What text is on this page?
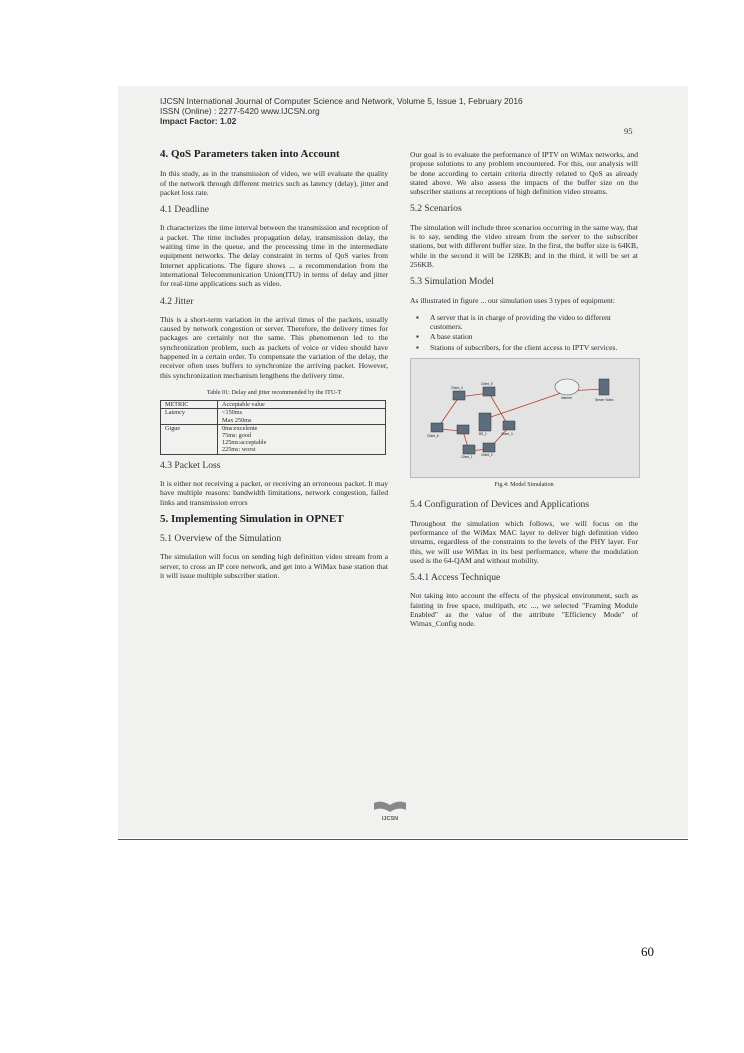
IJCSN International Journal of Computer Science and Network, Volume 5, Issue 1, February 2016
ISSN (Online) : 2277-5420 www.IJCSN.org
Impact Factor: 1.02
95
4. QoS Parameters taken into Account

In this study, as in the transmission of video, we will evaluate the quality of the network through different metrics such as latency (delay), jitter and packet loss rate.

4.1 Deadline

It characterizes the time interval between the transmission and reception of a packet. The time includes propagation delay, transmission delay, the waiting time in the queue, and the processing time in the intermediate equipment networks. The delay constraint in terms of QoS varies from Internet applications. The figure shows ... a recommendation from the international Telecommunication Union(ITU) in terms of delay and jitter for real-time applications such as video.

4.2 Jitter

This is a short-term variation in the arrival times of the packets, usually caused by network congestion or server. Therefore, the delivery times for packages are certainly not the same. This phenomenon led to the synchronization problem, such as packets of voice or video should have happened in a certain order. To compensate the variation of the delay, the receiver often uses buffers to synchronize the arriving packet. However, this synchronization mechanism lengthens the delivery time.

Table 01: Delay and jitter recommended by the ITU-T
METRIC	Acceptable value
Latency	<150ms
Max 250ms

Gigue	0ms:excelente
75ms: good
125ms:acceptable
225ms: worst
4.3 Packet Loss

It is either not receiving a packet, or receiving an erroneous packet. It may have multiple reasons: bandwidth limitations, network congestion, failed links and transmission errors

5. Implementing Simulation in OPNET
5.1 Overview of the Simulation

The simulation will focus on sending high definition video stream from a server, to cross an IP core network, and get into a WiMax base station that it will issue multiple subscriber station.

Our goal is to evaluate the performance of IPTV on WiMax networks, and propose solutions to any problem encountered. For this, our analysis will be done according to certain criteria directly related to QoS as already stated above. We also assess the impacts of the buffer size on the subscriber stations at receptions of high definition video streams.

5.2 Scenarios

The simulation will include three scenarios occurring in the same way, that is to say, sending the video stream from the server to the subscriber stations, but with different buffer size. In the first, the buffer size is 64KB, while in the second it will be 128KB; and in the third, it will be set at 256KB.

5.3 Simulation Model

As illustrated in figure ... our simulation uses 3 types of equipment:

▪ A server that is in charge of providing the video to different customers.
▪ A base station
▪ Stations of subscribers, for the client access to IPTV services.
Client_4
Client_5
Internet	Server Video
Client_6	BS_1	Client_3
Client_1	Client_2
Fig.4: Model Simulation
5.4 Configuration of Devices and Applications

Throughout the simulation which follows, we will focus on the performance of the WiMax MAC layer to deliver high definition video streams, regardless of the constraints to the levels of the PHY layer. For this, we will use WiMax in its best performance, where the modulation used is the 64-QAM and without mobility.

5.4.1 Access Technique

Not taking into account the effects of the physical environment, such as fainting in free space, multipath, etc ..., we selected "Framing Module Enabled" as the value of the attribute "Efficiency Mode" of Wimax_Config node.

IJCSN
60
